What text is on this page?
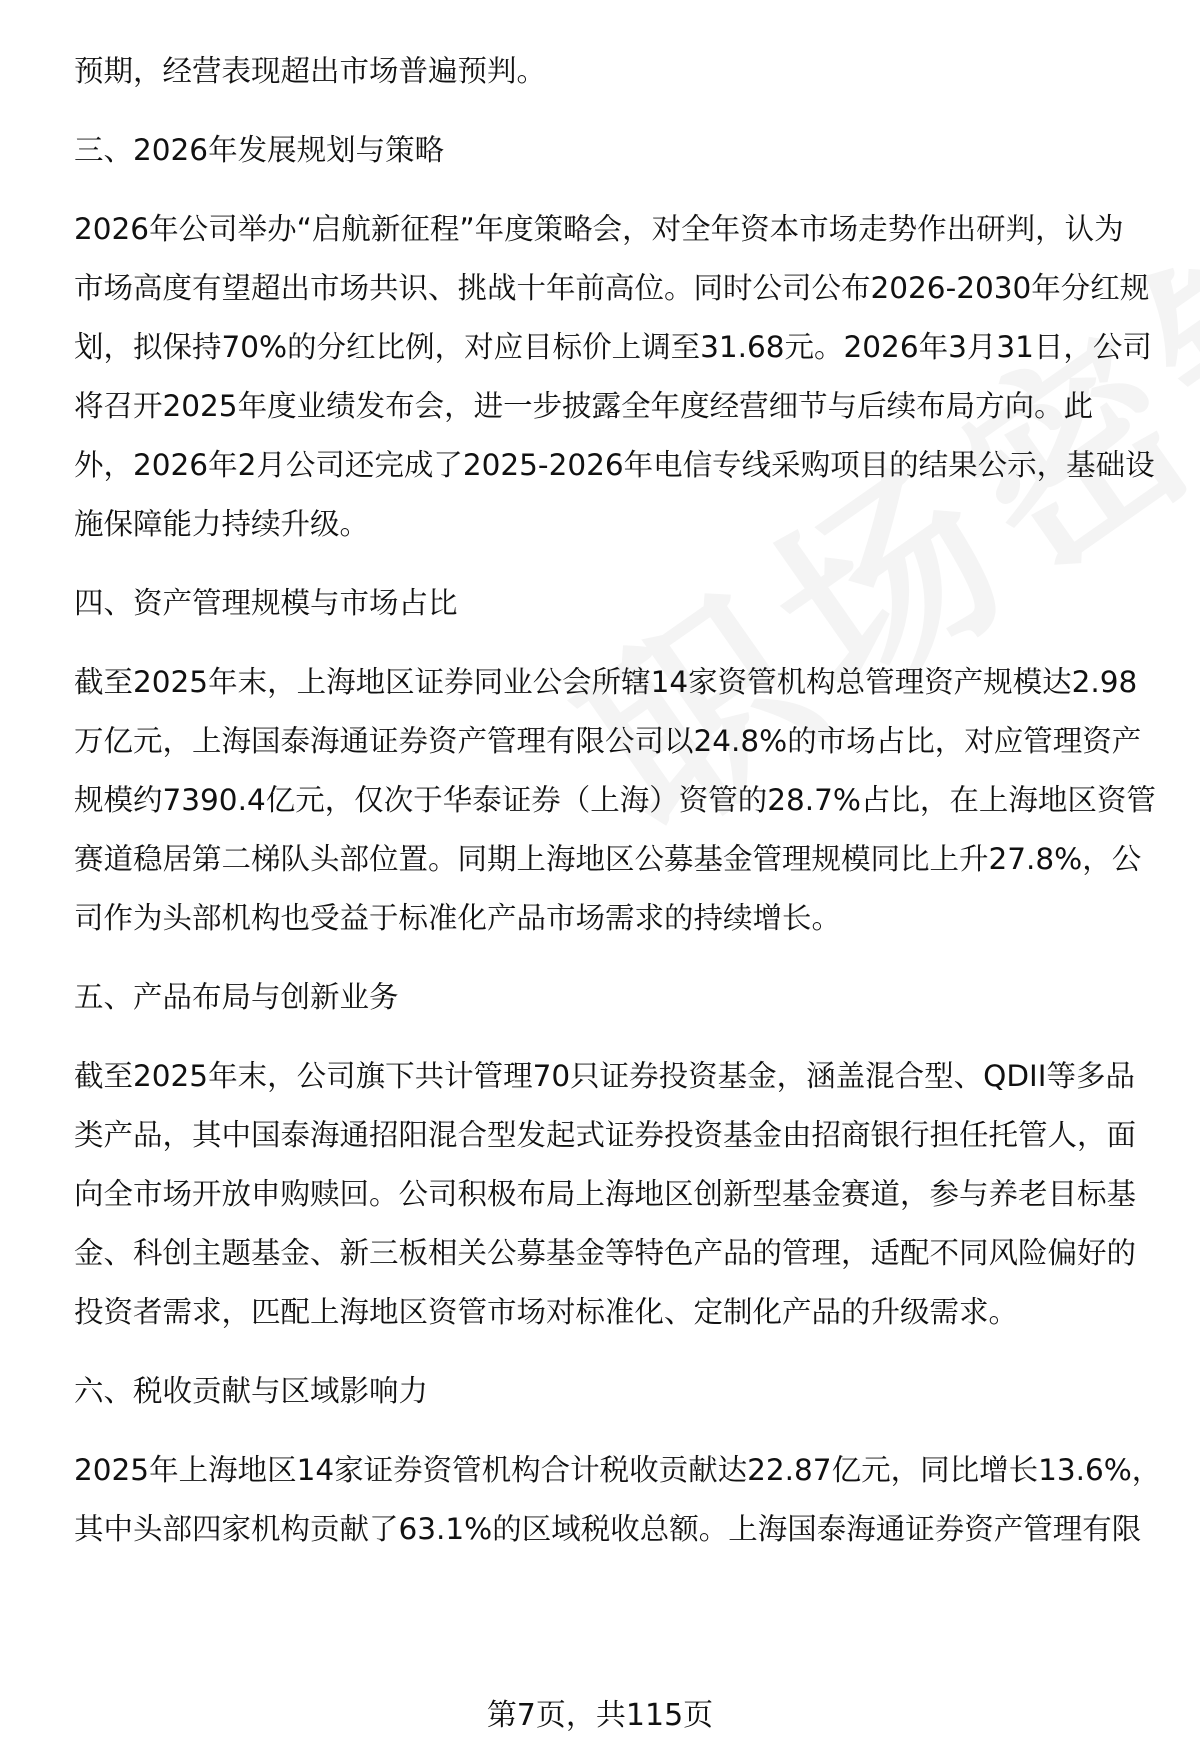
预期，经营表现超出市场普遍预判。

三、2026年发展规划与策略

2026年公司举办“启航新征程”年度策略会，对全年资本市场走势作出研判，认为

市场高度有望超出市场共识、挑战十年前高位。同时公司公布2026-2030年分红规

划，拟保持70%的分红比例，对应目标价上调至31.68元。2026年3月31日，公司

将召开2025年度业绩发布会，进一步披露全年度经营细节与后续布局方向。此

外，2026年2月公司还完成了2025-2026年电信专线采购项目的结果公示，基础设

施保障能力持续升级。

四、资产管理规模与市场占比

截至2025年末，上海地区证券同业公会所辖14家资管机构总管理资产规模达2.98

万亿元，上海国泰海通证券资产管理有限公司以24.8%的市场占比，对应管理资产

规模约7390.4亿元，仅次于华泰证券（上海）资管的28.7%占比，在上海地区资管

赛道稳居第二梯队头部位置。同期上海地区公募基金管理规模同比上升27.8%，公

司作为头部机构也受益于标准化产品市场需求的持续增长。

五、产品布局与创新业务

截至2025年末，公司旗下共计管理70只证券投资基金，涵盖混合型、QDII等多品

类产品，其中国泰海通招阳混合型发起式证券投资基金由招商银行担任托管人，面

向全市场开放申购赎回。公司积极布局上海地区创新型基金赛道，参与养老目标基

金、科创主题基金、新三板相关公募基金等特色产品的管理，适配不同风险偏好的

投资者需求，匹配上海地区资管市场对标准化、定制化产品的升级需求。

六、税收贡献与区域影响力

2025年上海地区14家证券资管机构合计税收贡献达22.87亿元，同比增长13.6%，

其中头部四家机构贡献了63.1%的区域税收总额。上海国泰海通证券资产管理有限

第7页，共115页
